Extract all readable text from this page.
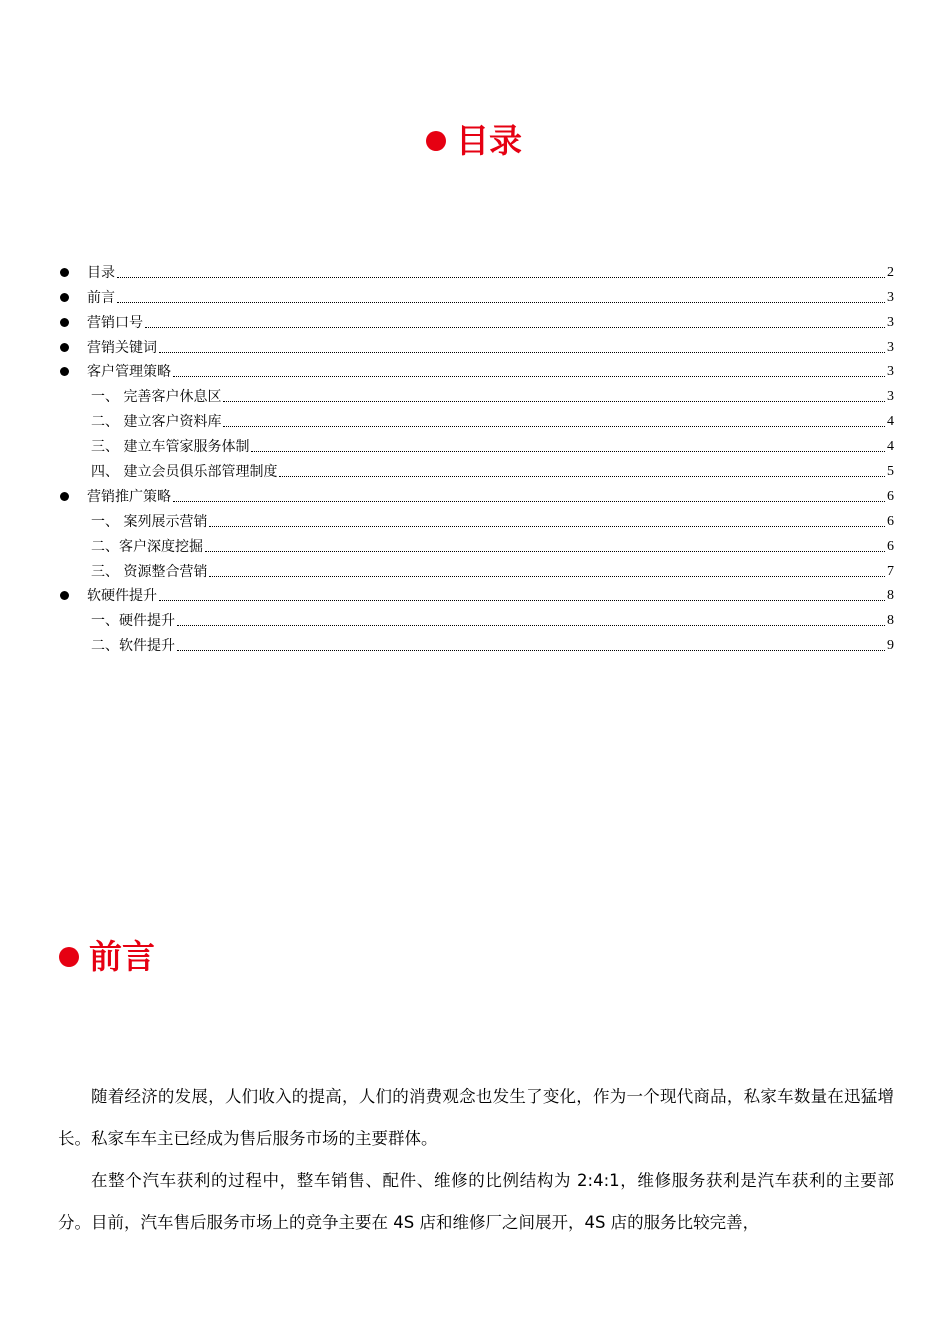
目录
目录	2
前言	3
营销口号	3
营销关键词	3
客户管理策略	3
一、 完善客户休息区	3
二、 建立客户资料库	4
三、 建立车管家服务体制	4
四、 建立会员俱乐部管理制度	5
营销推广策略	6
一、 案列展示营销	6
二、客户深度挖掘	6
三、 资源整合营销	7
软硬件提升	8
一、硬件提升	8
二、软件提升	9
前言

随着经济的发展，人们收入的提高，人们的消费观念也发生了变化，作为一个现代商品，私家车数量在迅猛增长。私家车车主已经成为售后服务市场的主要群体。

在整个汽车获利的过程中，整车销售、配件、维修的比例结构为 2:4:1，维修服务获利是汽车获利的主要部分。目前，汽车售后服务市场上的竞争主要在 4S 店和维修厂之间展开，4S 店的服务比较完善，
